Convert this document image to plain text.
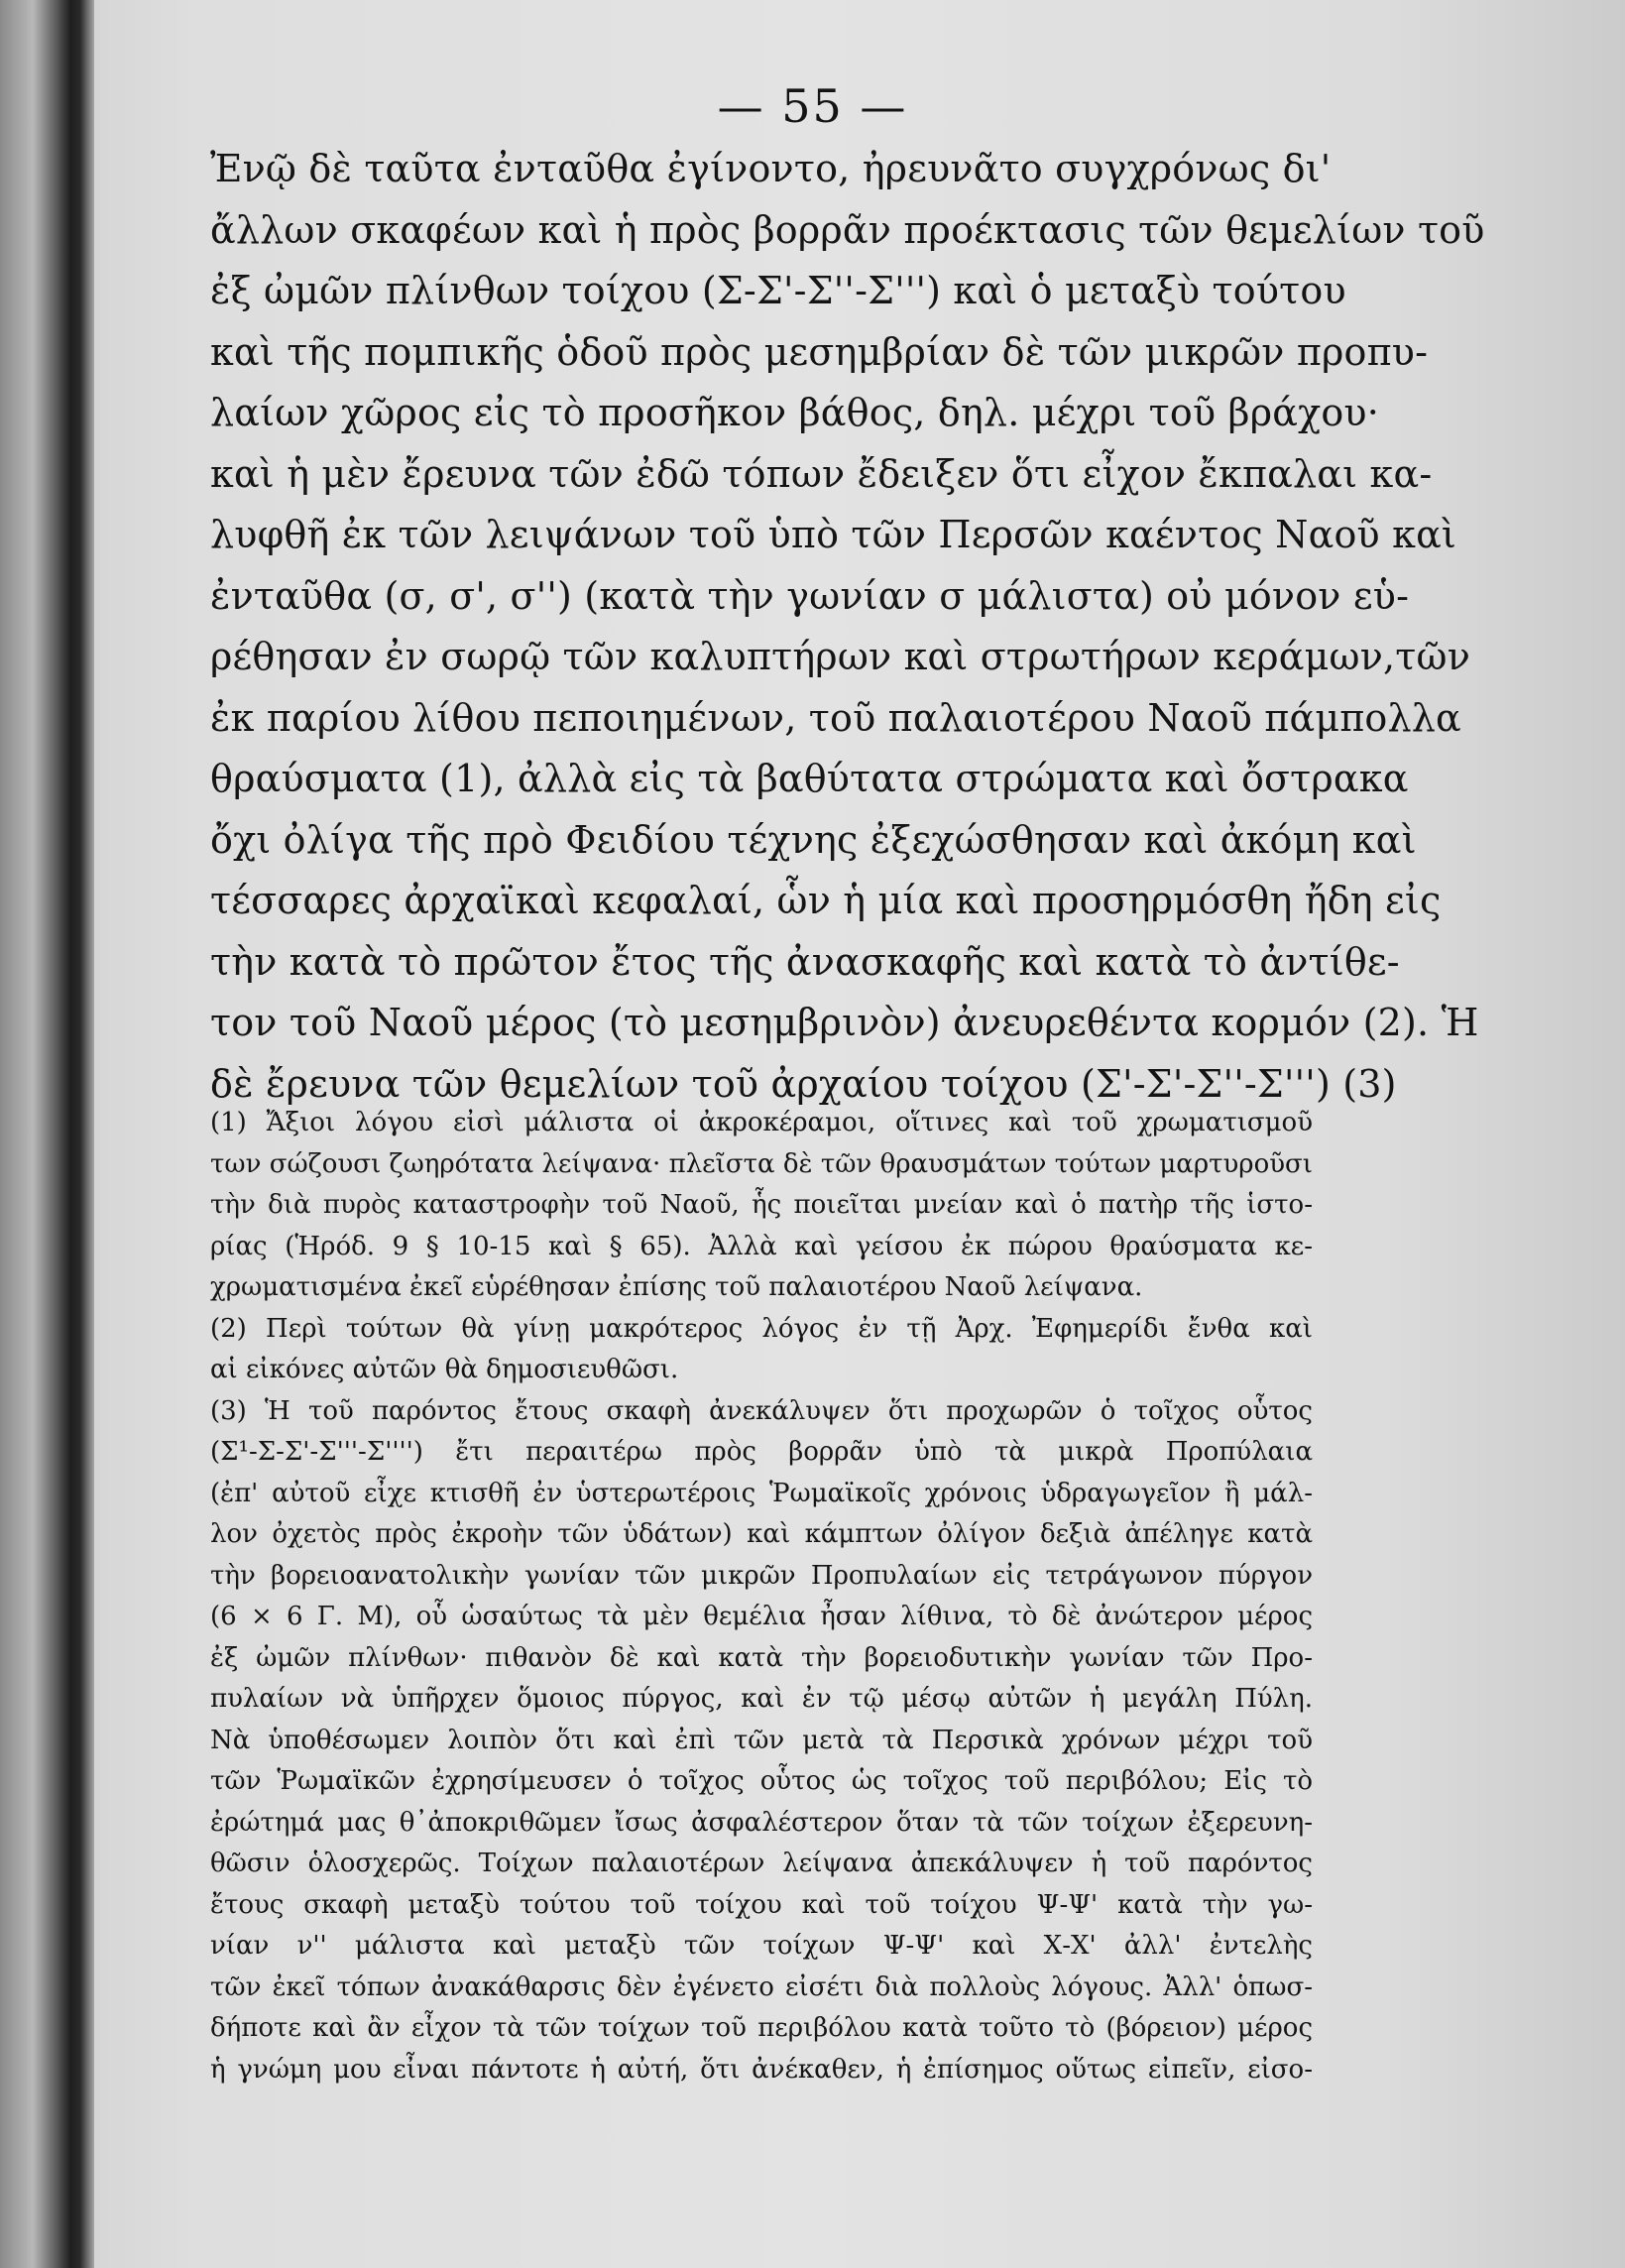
— 55 —
Ἐνῷ δὲ ταῦτα ἐνταῦθα ἐγίνοντο, ἠρευνᾶτο συγχρόνως δι'
ἄλλων σκαφέων καὶ ἡ πρὸς βορρᾶν προέκτασις τῶν θεμελίων τοῦ
ἐξ ὠμῶν πλίνθων τοίχου (Σ-Σ'-Σ''-Σ''') καὶ ὁ μεταξὺ τούτου
καὶ τῆς πομπικῆς ὁδοῦ πρὸς μεσημβρίαν δὲ τῶν μικρῶν προπυ-
λαίων χῶρος εἰς τὸ προσῆκον βάθος, δηλ. μέχρι τοῦ βράχου·
καὶ ἡ μὲν ἔρευνα τῶν ἐδῶ τόπων ἔδειξεν ὅτι εἶχον ἔκπαλαι κα-
λυφθῆ ἐκ τῶν λειψάνων τοῦ ὑπὸ τῶν Περσῶν καέντος Ναοῦ καὶ
ἐνταῦθα (σ, σ', σ'') (κατὰ τὴν γωνίαν σ μάλιστα) οὐ μόνον εὑ-
ρέθησαν ἐν σωρῷ τῶν καλυπτήρων καὶ στρωτήρων κεράμων,τῶν
ἐκ παρίου λίθου πεποιημένων, τοῦ παλαιοτέρου Ναοῦ πάμπολλα
θραύσματα (1), ἀλλὰ εἰς τὰ βαθύτατα στρώματα καὶ ὄστρακα
ὄχι ὀλίγα τῆς πρὸ Φειδίου τέχνης ἐξεχώσθησαν καὶ ἀκόμη καὶ
τέσσαρες ἀρχαϊκαὶ κεφαλαί, ὧν ἡ μία καὶ προσηρμόσθη ἤδη εἰς
τὴν κατὰ τὸ πρῶτον ἔτος τῆς ἀνασκαφῆς καὶ κατὰ τὸ ἀντίθε-
τον τοῦ Ναοῦ μέρος (τὸ μεσημβρινὸν) ἀνευρεθέντα κορμόν (2). Ἡ
δὲ ἔρευνα τῶν θεμελίων τοῦ ἀρχαίου τοίχου (Σ'-Σ'-Σ''-Σ''') (3)
(1) Ἄξιοι λόγου εἰσὶ μάλιστα οἱ ἀκροκέραμοι, οἵτινες καὶ τοῦ χρωματισμοῦ
των σώζουσι ζωηρότατα λείψανα· πλεῖστα δὲ τῶν θραυσμάτων τούτων μαρτυροῦσι
τὴν διὰ πυρὸς καταστροφὴν τοῦ Ναοῦ, ἧς ποιεῖται μνείαν καὶ ὁ πατὴρ τῆς ἱστο-
ρίας (Ἡρόδ. 9 § 10-15 καὶ § 65). Ἀλλὰ καὶ γείσου ἐκ πώρου θραύσματα κε-
χρωματισμένα ἐκεῖ εὑρέθησαν ἐπίσης τοῦ παλαιοτέρου Ναοῦ λείψανα.
(2) Περὶ τούτων θὰ γίνῃ μακρότερος λόγος ἐν τῇ Ἀρχ. Ἐφημερίδι ἔνθα καὶ
αἱ εἰκόνες αὐτῶν θὰ δημοσιευθῶσι.
(3) Ἡ τοῦ παρόντος ἔτους σκαφὴ ἀνεκάλυψεν ὅτι προχωρῶν ὁ τοῖχος οὗτος
(Σ¹-Σ-Σ'-Σ'''-Σ'''') ἔτι περαιτέρω πρὸς βορρᾶν ὑπὸ τὰ μικρὰ Προπύλαια
(ἐπ' αὐτοῦ εἶχε κτισθῆ ἐν ὑστερωτέροις Ῥωμαϊκοῖς χρόνοις ὑδραγωγεῖον ἢ μάλ-
λον ὀχετὸς πρὸς ἐκροὴν τῶν ὑδάτων) καὶ κάμπτων ὀλίγον δεξιὰ ἀπέληγε κατὰ
τὴν βορειοανατολικὴν γωνίαν τῶν μικρῶν Προπυλαίων εἰς τετράγωνον πύργον
(6 × 6 Γ. Μ), οὗ ὡσαύτως τὰ μὲν θεμέλια ἦσαν λίθινα, τὸ δὲ ἀνώτερον μέρος
ἐξ ὠμῶν πλίνθων· πιθανὸν δὲ καὶ κατὰ τὴν βορειοδυτικὴν γωνίαν τῶν Προ-
πυλαίων νὰ ὑπῆρχεν ὅμοιος πύργος, καὶ ἐν τῷ μέσῳ αὐτῶν ἡ μεγάλη Πύλη.
Νὰ ὑποθέσωμεν λοιπὸν ὅτι καὶ ἐπὶ τῶν μετὰ τὰ Περσικὰ χρόνων μέχρι τοῦ
τῶν Ῥωμαϊκῶν ἐχρησίμευσεν ὁ τοῖχος οὗτος ὡς τοῖχος τοῦ περιβόλου; Εἰς τὸ
ἐρώτημά μας θ᾽ἀποκριθῶμεν ἴσως ἀσφαλέστερον ὅταν τὰ τῶν τοίχων ἐξερευνη-
θῶσιν ὁλοσχερῶς. Τοίχων παλαιοτέρων λείψανα ἀπεκάλυψεν ἡ τοῦ παρόντος
ἔτους σκαφὴ μεταξὺ τούτου τοῦ τοίχου καὶ τοῦ τοίχου Ψ-Ψ' κατὰ τὴν γω-
νίαν ν'' μάλιστα καὶ μεταξὺ τῶν τοίχων Ψ-Ψ' καὶ Χ-Χ' ἀλλ' ἐντελὴς
τῶν ἐκεῖ τόπων ἀνακάθαρσις δὲν ἐγένετο εἰσέτι διὰ πολλοὺς λόγους. Ἀλλ' ὁπωσ-
δήποτε καὶ ἂν εἶχον τὰ τῶν τοίχων τοῦ περιβόλου κατὰ τοῦτο τὸ (βόρειον) μέρος
ἡ γνώμη μου εἶναι πάντοτε ἡ αὐτή, ὅτι ἀνέκαθεν, ἡ ἐπίσημος οὕτως εἰπεῖν, εἰσο-
